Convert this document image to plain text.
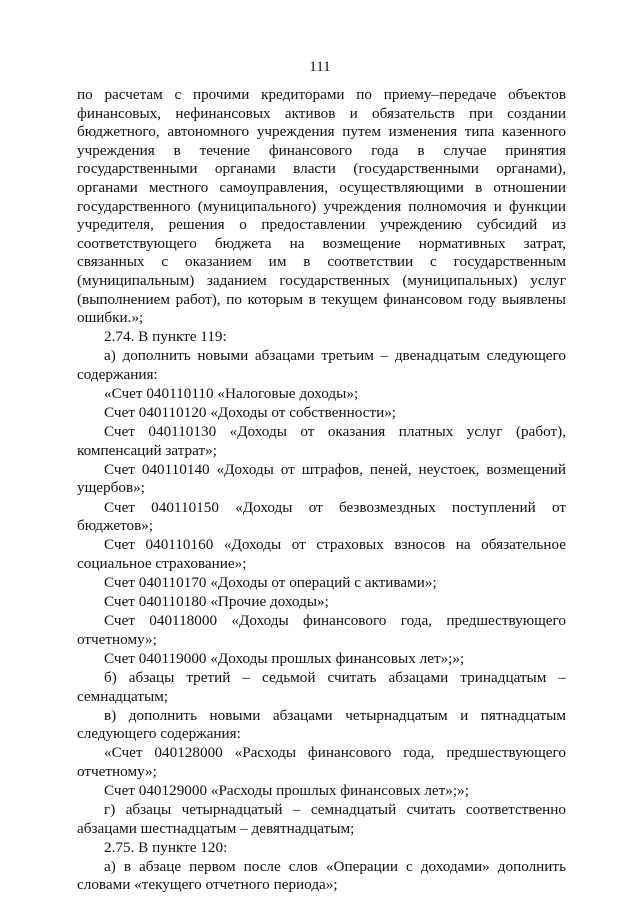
111

по расчетам с прочими кредиторами по приему–передаче объектов финансовых, нефинансовых активов и обязательств при создании бюджетного, автономного учреждения путем изменения типа казенного учреждения в течение финансового года в случае принятия государственными органами власти (государственными органами), органами местного самоуправления, осуществляющими в отношении государственного (муниципального) учреждения полномочия и функции учредителя, решения о предоставлении учреждению субсидий из соответствующего бюджета на возмещение нормативных затрат, связанных с оказанием им в соответствии с государственным (муниципальным) заданием государственных (муниципальных) услуг (выполнением работ), по которым в текущем финансовом году выявлены ошибки.»;

2.74. В пункте 119:

а) дополнить новыми абзацами третьим – двенадцатым следующего содержания:

«Счет 040110110 «Налоговые доходы»;

Счет 040110120 «Доходы от собственности»;

Счет 040110130 «Доходы от оказания платных услуг (работ), компенсаций затрат»;

Счет 040110140 «Доходы от штрафов, пеней, неустоек, возмещений ущербов»;

Счет 040110150 «Доходы от безвозмездных поступлений от бюджетов»;

Счет 040110160 «Доходы от страховых взносов на обязательное социальное страхование»;

Счет 040110170 «Доходы от операций с активами»;

Счет 040110180 «Прочие доходы»;

Счет 040118000 «Доходы финансового года, предшествующего отчетному»;

Счет 040119000 «Доходы прошлых финансовых лет»;»;

б) абзацы третий – седьмой считать абзацами тринадцатым – семнадцатым;

в) дополнить новыми абзацами четырнадцатым и пятнадцатым следующего содержания:

«Счет 040128000 «Расходы финансового года, предшествующего отчетному»;

Счет 040129000 «Расходы прошлых финансовых лет»;»;

г) абзацы четырнадцатый – семнадцатый считать соответственно абзацами шестнадцатым – девятнадцатым;

2.75. В пункте 120:

а) в абзаце первом после слов «Операции с доходами» дополнить словами «текущего отчетного периода»;
